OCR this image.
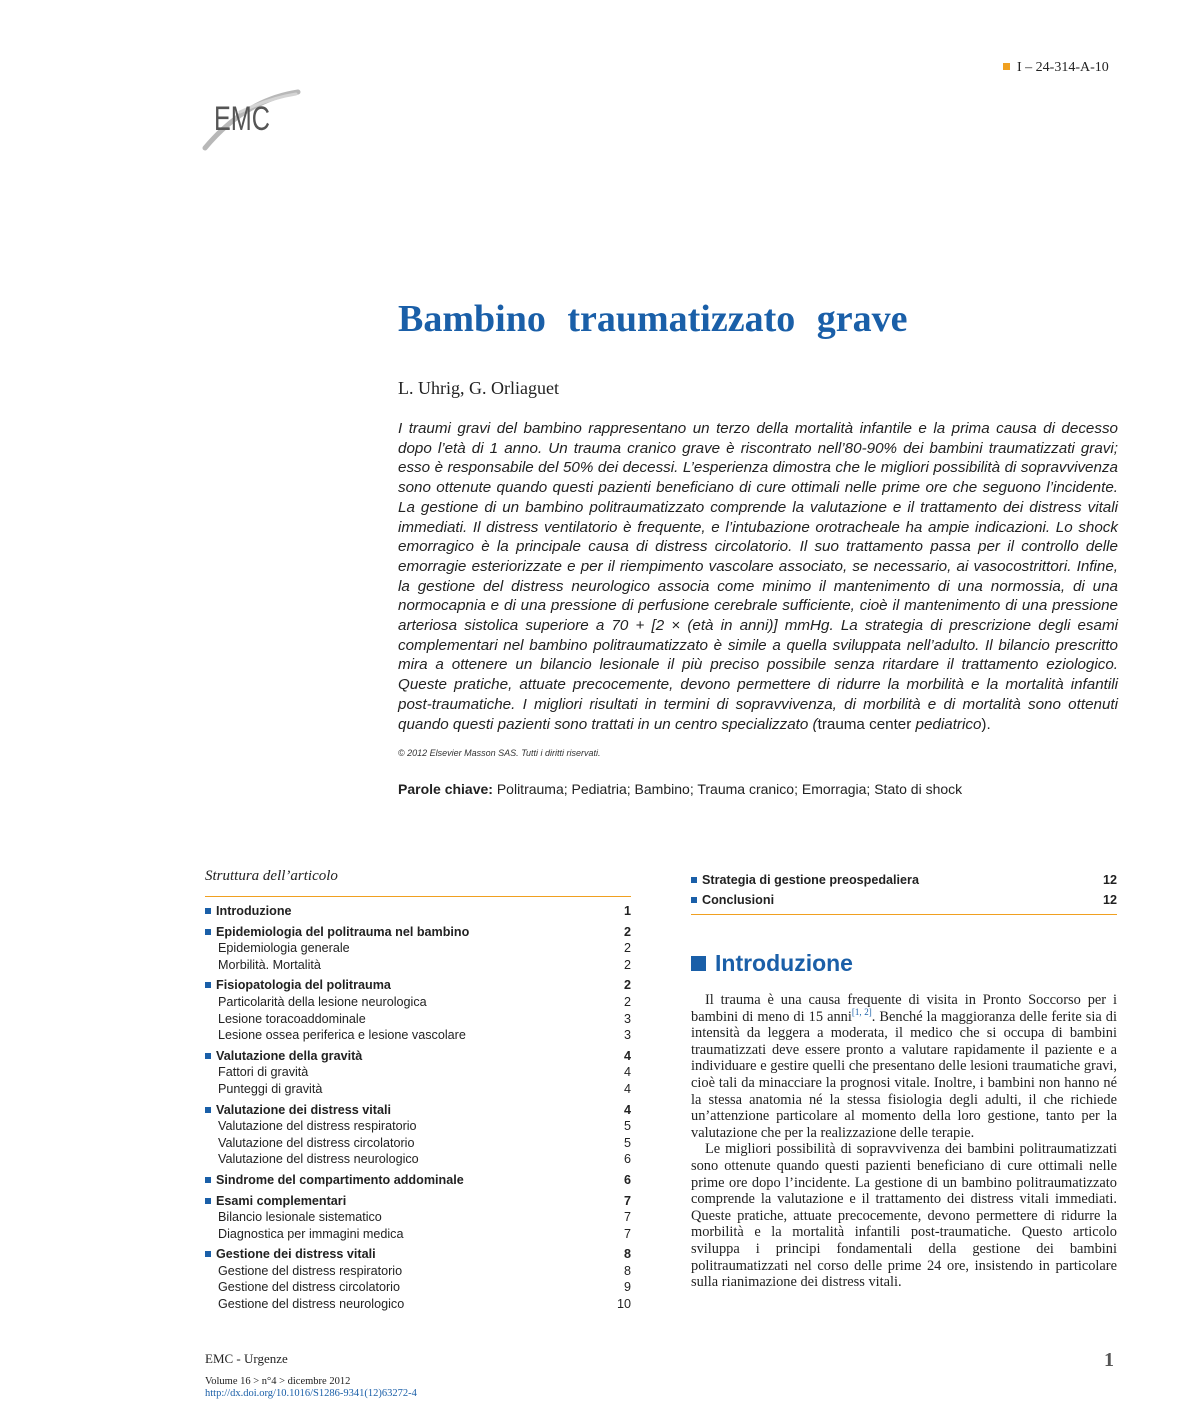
I – 24-314-A-10
EMC
Bambino traumatizzato grave
L. Uhrig, G. Orliaguet
I traumi gravi del bambino rappresentano un terzo della mortalità infantile e la prima causa di decesso dopo l’età di 1 anno. Un trauma cranico grave è riscontrato nell’80-90% dei bambini traumatizzati gravi; esso è responsabile del 50% dei decessi. L’esperienza dimostra che le migliori possibilità di sopravvivenza sono ottenute quando questi pazienti beneficiano di cure ottimali nelle prime ore che seguono l’incidente. La gestione di un bambino politraumatizzato comprende la valutazione e il trattamento dei distress vitali immediati. Il distress ventilatorio è frequente, e l’intubazione orotracheale ha ampie indicazioni. Lo shock emorragico è la principale causa di distress circolatorio. Il suo trattamento passa per il controllo delle emorragie esteriorizzate e per il riempimento vascolare associato, se necessario, ai vasocostrittori. Infine, la gestione del distress neurologico associa come minimo il mantenimento di una normossia, di una normocapnia e di una pressione di perfusione cerebrale sufficiente, cioè il mantenimento di una pressione arteriosa sistolica superiore a 70 + [2 × (età in anni)] mmHg. La strategia di prescrizione degli esami complementari nel bambino politraumatizzato è simile a quella sviluppata nell’adulto. Il bilancio prescritto mira a ottenere un bilancio lesionale il più preciso possibile senza ritardare il trattamento eziologico. Queste pratiche, attuate precocemente, devono permettere di ridurre la morbilità e la mortalità infantili post-traumatiche. I migliori risultati in termini di sopravvivenza, di morbilità e di mortalità sono ottenuti quando questi pazienti sono trattati in un centro specializzato (trauma center pediatrico).
© 2012 Elsevier Masson SAS. Tutti i diritti riservati.
Parole chiave: Politrauma; Pediatria; Bambino; Trauma cranico; Emorragia; Stato di shock
Struttura dell’articolo
Introduzione	1
Epidemiologia del politrauma nel bambino	2
Epidemiologia generale	2
Morbilità. Mortalità	2
Fisiopatologia del politrauma	2
Particolarità della lesione neurologica	2
Lesione toracoaddominale	3
Lesione ossea periferica e lesione vascolare	3
Valutazione della gravità	4
Fattori di gravità	4
Punteggi di gravità	4
Valutazione dei distress vitali	4
Valutazione del distress respiratorio	5
Valutazione del distress circolatorio	5
Valutazione del distress neurologico	6
Sindrome del compartimento addominale	6
Esami complementari	7
Bilancio lesionale sistematico	7
Diagnostica per immagini medica	7
Gestione dei distress vitali	8
Gestione del distress respiratorio	8
Gestione del distress circolatorio	9
Gestione del distress neurologico	10
Strategia di gestione preospedaliera	12
Conclusioni	12
Introduzione

Il trauma è una causa frequente di visita in Pronto Soccorso per i bambini di meno di 15 anni[1, 2]. Benché la maggioranza delle ferite sia di intensità da leggera a moderata, il medico che si occupa di bambini traumatizzati deve essere pronto a valutare rapidamente il paziente e a individuare e gestire quelli che presentano delle lesioni traumatiche gravi, cioè tali da minacciare la prognosi vitale. Inoltre, i bambini non hanno né la stessa anatomia né la stessa fisiologia degli adulti, il che richiede un’attenzione particolare al momento della loro gestione, tanto per la valutazione che per la realizzazione delle terapie.

Le migliori possibilità di sopravvivenza dei bambini politraumatizzati sono ottenute quando questi pazienti beneficiano di cure ottimali nelle prime ore dopo l’incidente. La gestione di un bambino politraumatizzato comprende la valutazione e il trattamento dei distress vitali immediati. Queste pratiche, attuate precocemente, devono permettere di ridurre la morbilità e la mortalità infantili post-traumatiche. Questo articolo sviluppa i principi fondamentali della gestione dei bambini politraumatizzati nel corso delle prime 24 ore, insistendo in particolare sulla rianimazione dei distress vitali.

EMC - Urgenze
Volume 16 > n°4 > dicembre 2012
http://dx.doi.org/10.1016/S1286-9341(12)63272-4
1
